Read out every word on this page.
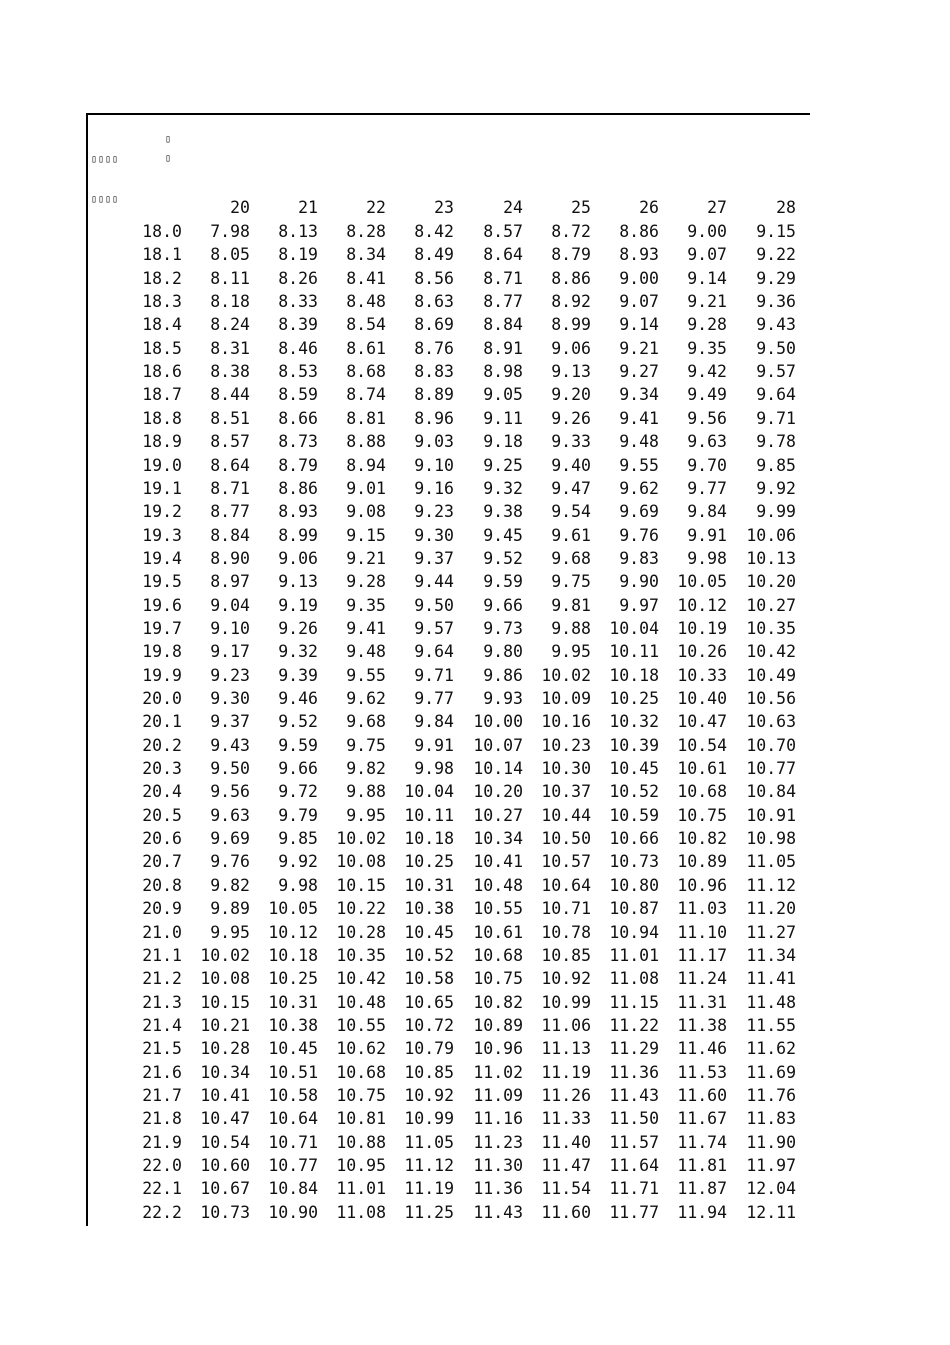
▯▯▯▯
▯▯▯▯
▯
▯
20	21	22	23	24	25	26	27	28
18.0	7.98	8.13	8.28	8.42	8.57	8.72	8.86	9.00	9.15
18.1	8.05	8.19	8.34	8.49	8.64	8.79	8.93	9.07	9.22
18.2	8.11	8.26	8.41	8.56	8.71	8.86	9.00	9.14	9.29
18.3	8.18	8.33	8.48	8.63	8.77	8.92	9.07	9.21	9.36
18.4	8.24	8.39	8.54	8.69	8.84	8.99	9.14	9.28	9.43
18.5	8.31	8.46	8.61	8.76	8.91	9.06	9.21	9.35	9.50
18.6	8.38	8.53	8.68	8.83	8.98	9.13	9.27	9.42	9.57
18.7	8.44	8.59	8.74	8.89	9.05	9.20	9.34	9.49	9.64
18.8	8.51	8.66	8.81	8.96	9.11	9.26	9.41	9.56	9.71
18.9	8.57	8.73	8.88	9.03	9.18	9.33	9.48	9.63	9.78
19.0	8.64	8.79	8.94	9.10	9.25	9.40	9.55	9.70	9.85
19.1	8.71	8.86	9.01	9.16	9.32	9.47	9.62	9.77	9.92
19.2	8.77	8.93	9.08	9.23	9.38	9.54	9.69	9.84	9.99
19.3	8.84	8.99	9.15	9.30	9.45	9.61	9.76	9.91	10.06
19.4	8.90	9.06	9.21	9.37	9.52	9.68	9.83	9.98	10.13
19.5	8.97	9.13	9.28	9.44	9.59	9.75	9.90	10.05	10.20
19.6	9.04	9.19	9.35	9.50	9.66	9.81	9.97	10.12	10.27
19.7	9.10	9.26	9.41	9.57	9.73	9.88	10.04	10.19	10.35
19.8	9.17	9.32	9.48	9.64	9.80	9.95	10.11	10.26	10.42
19.9	9.23	9.39	9.55	9.71	9.86	10.02	10.18	10.33	10.49
20.0	9.30	9.46	9.62	9.77	9.93	10.09	10.25	10.40	10.56
20.1	9.37	9.52	9.68	9.84	10.00	10.16	10.32	10.47	10.63
20.2	9.43	9.59	9.75	9.91	10.07	10.23	10.39	10.54	10.70
20.3	9.50	9.66	9.82	9.98	10.14	10.30	10.45	10.61	10.77
20.4	9.56	9.72	9.88	10.04	10.20	10.37	10.52	10.68	10.84
20.5	9.63	9.79	9.95	10.11	10.27	10.44	10.59	10.75	10.91
20.6	9.69	9.85	10.02	10.18	10.34	10.50	10.66	10.82	10.98
20.7	9.76	9.92	10.08	10.25	10.41	10.57	10.73	10.89	11.05
20.8	9.82	9.98	10.15	10.31	10.48	10.64	10.80	10.96	11.12
20.9	9.89	10.05	10.22	10.38	10.55	10.71	10.87	11.03	11.20
21.0	9.95	10.12	10.28	10.45	10.61	10.78	10.94	11.10	11.27
21.1	10.02	10.18	10.35	10.52	10.68	10.85	11.01	11.17	11.34
21.2	10.08	10.25	10.42	10.58	10.75	10.92	11.08	11.24	11.41
21.3	10.15	10.31	10.48	10.65	10.82	10.99	11.15	11.31	11.48
21.4	10.21	10.38	10.55	10.72	10.89	11.06	11.22	11.38	11.55
21.5	10.28	10.45	10.62	10.79	10.96	11.13	11.29	11.46	11.62
21.6	10.34	10.51	10.68	10.85	11.02	11.19	11.36	11.53	11.69
21.7	10.41	10.58	10.75	10.92	11.09	11.26	11.43	11.60	11.76
21.8	10.47	10.64	10.81	10.99	11.16	11.33	11.50	11.67	11.83
21.9	10.54	10.71	10.88	11.05	11.23	11.40	11.57	11.74	11.90
22.0	10.60	10.77	10.95	11.12	11.30	11.47	11.64	11.81	11.97
22.1	10.67	10.84	11.01	11.19	11.36	11.54	11.71	11.87	12.04
22.2	10.73	10.90	11.08	11.25	11.43	11.60	11.77	11.94	12.11
